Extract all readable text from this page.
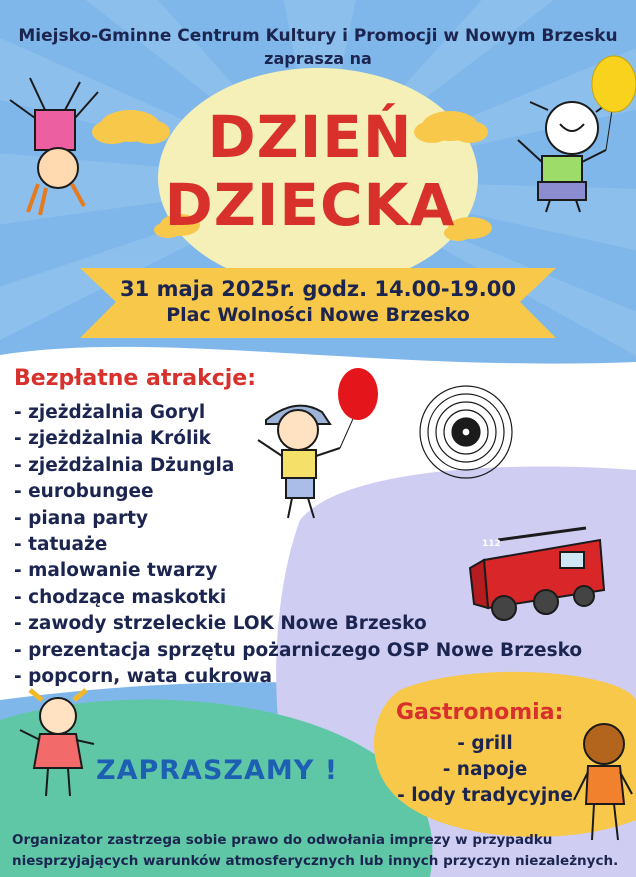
Miejsko-Gminne Centrum Kultury i Promocji w Nowym Brzesku

zaprasza na

DZIEŃ

DZIECKA

31 maja 2025r. godz. 14.00-19.00

Plac Wolności Nowe Brzesko

Bezpłatne atrakcje:

- zjeżdżalnia Goryl
- zjeżdżalnia Królik
- zjeżdżalnia Dżungla
- eurobungee
- piana party
- tatuaże
- malowanie twarzy
- chodzące maskotki
- zawody strzeleckie LOK Nowe Brzesko
- prezentacja sprzętu pożarniczego OSP Nowe Brzesko
- popcorn, wata cukrowa

Gastronomia:

- grill
- napoje
- lody tradycyjne

ZAPRASZAMY !

Organizator zastrzega sobie prawo do odwołania imprezy w przypadku

niesprzyjających warunków atmosferycznych lub innych przyczyn niezależnych.

112
